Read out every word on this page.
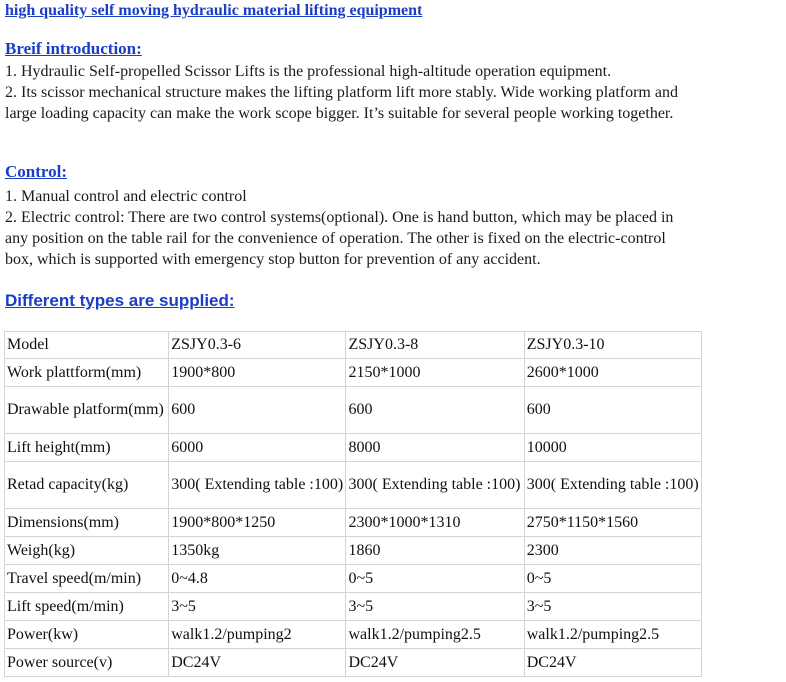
high quality self moving hydraulic material lifting equipment
Breif introduction:
1. Hydraulic Self-propelled Scissor Lifts is the professional high-altitude operation equipment.
2. Its scissor mechanical structure makes the lifting platform lift more stably. Wide working platform and
large loading capacity can make the work scope bigger. It’s suitable for several people working together.
Control:
1. Manual control and electric control
2. Electric control: There are two control systems(optional). One is hand button, which may be placed in
any position on the table rail for the convenience of operation. The other is fixed on the electric-control
box, which is supported with emergency stop button for prevention of any accident.
Different types are supplied:
Model	ZSJY0.3-6	ZSJY0.3-8	ZSJY0.3-10
Work plattform(mm)	1900*800	2150*1000	2600*1000
Drawable platform(mm)	600	600	600
Lift height(mm)	6000	8000	10000
Retad capacity(kg)	300( Extending table :100)	300( Extending table :100)	300( Extending table :100)
Dimensions(mm)	1900*800*1250	2300*1000*1310	2750*1150*1560
Weigh(kg)	1350kg	1860	2300
Travel speed(m/min)	0~4.8	0~5	0~5
Lift speed(m/min)	3~5	3~5	3~5
Power(kw)	walk1.2/pumping2	walk1.2/pumping2.5	walk1.2/pumping2.5
Power source(v)	DC24V	DC24V	DC24V
